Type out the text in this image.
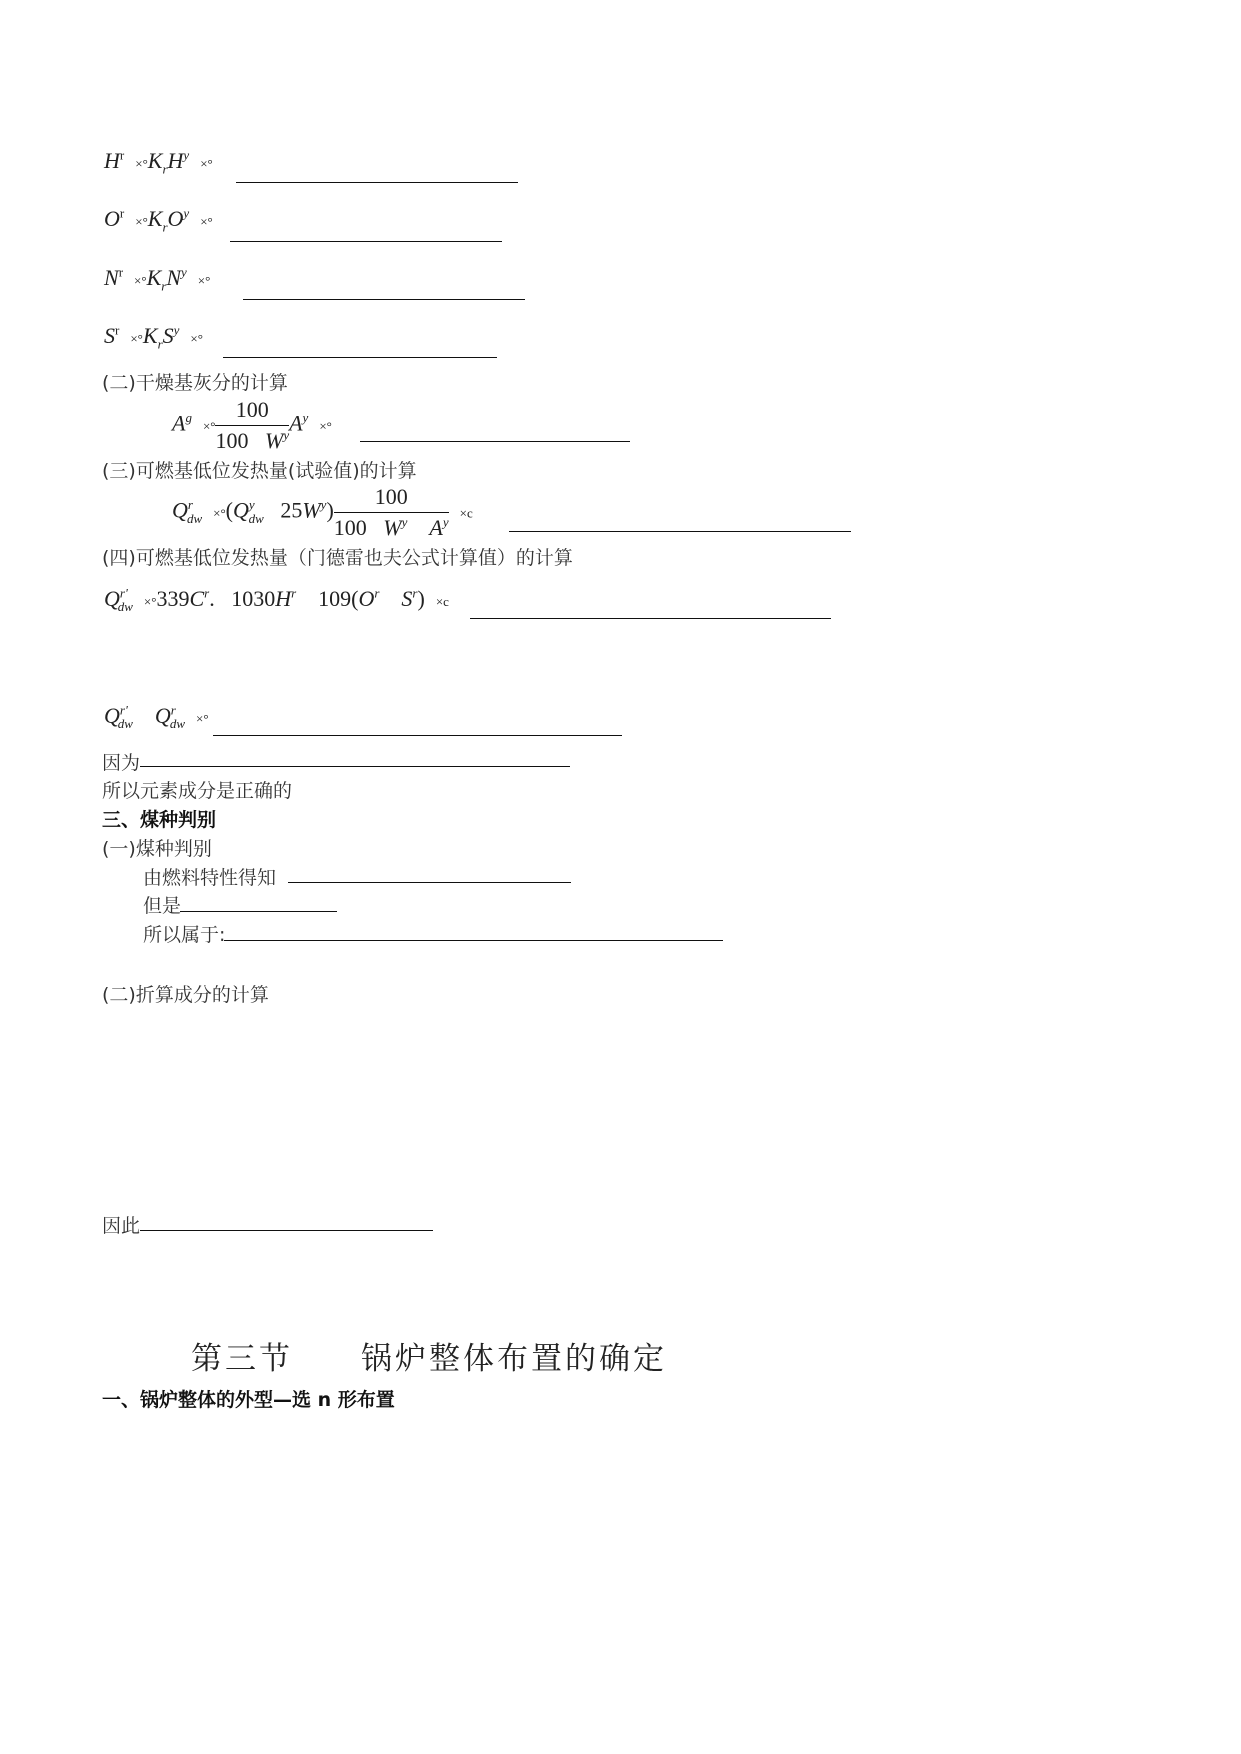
$H^r \times^\circ K_rH^y$  ×°
$O^r \times^\circ K_rO^y$  ×°
$N^r \times^\circ K_rN^y$  ×°
$S^r \times^\circ K_rS^y$  ×°
(二)干燥基灰分的计算
$A^g$  ×° $\frac{100}{100 W^y} A^y$  ×°
(三)可燃基低位发热量(试验值)的计算
$Q^r_{dw} \times^\circ(Q^y_{dw}$ $25W^y) \frac{100}{100 W^y A^y} \times c$
(四)可燃基低位发热量（门德雷也夫公式计算值）的计算
$Q^{r'}_{dw} \times^\circ 339C^r$. $1030H^r$ $109(O^r$    $S^r) \times c$
$Q^{r'}_{dw}$    $Q^r_{dw}$ ×°
因为
所以元素成分是正确的
三、煤种判别
(一)煤种判别
由燃料特性得知
但是
所以属于:
(二)折算成分的计算
因此
第三节　　锅炉整体布置的确定
一、锅炉整体的外型—选 n 形布置
